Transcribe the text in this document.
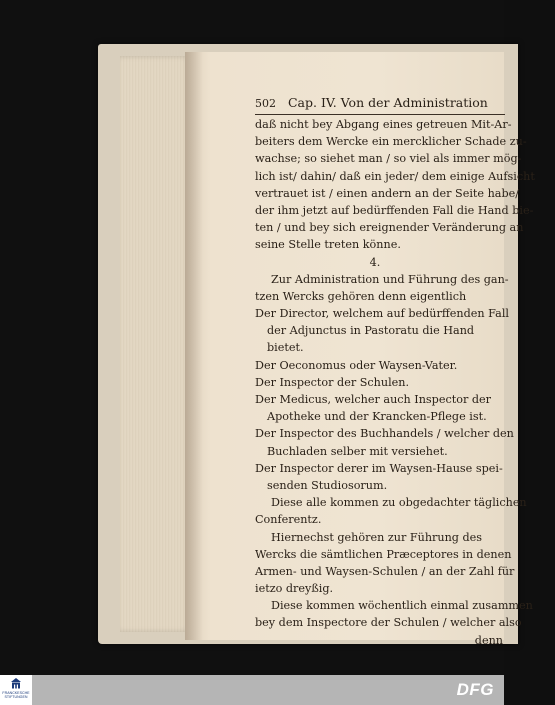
502 Cap. IV. Von der Administration
daß nicht bey Abgang eines getreuen Mit-Ar-
beiters dem Wercke ein mercklicher Schade zu-
wachse; so siehet man / so viel als immer mög-
lich ist/ dahin/ daß ein jeder/ dem einige Aufsicht
vertrauet ist / einen andern an der Seite habe/
der ihm jetzt auf bedürffenden Fall die Hand bie-
ten / und bey sich ereignender Veränderung an
seine Stelle treten könne.
4.
Zur Administration und Führung des gan-
tzen Wercks gehören denn eigentlich
Der Director, welchem auf bedürffenden Fall
der Adjunctus in Pastoratu die Hand
bietet.
Der Oeconomus oder Waysen-Vater.
Der Inspector der Schulen.
Der Medicus, welcher auch Inspector der
Apotheke und der Krancken-Pflege ist.
Der Inspector des Buchhandels / welcher den
Buchladen selber mit versiehet.
Der Inspector derer im Waysen-Hause spei-
senden Studiosorum.
Diese alle kommen zu obgedachter täglichen
Conferentz.
Hiernechst gehören zur Führung des
Wercks die sämtlichen Præceptores in denen
Armen- und Waysen-Schulen / an der Zahl für
ietzo dreyßig.
Diese kommen wöchentlich einmal zusammen
bey dem Inspectore der Schulen / welcher also
denn
FRANCKESCHE
STIFTUNGEN	DFG
